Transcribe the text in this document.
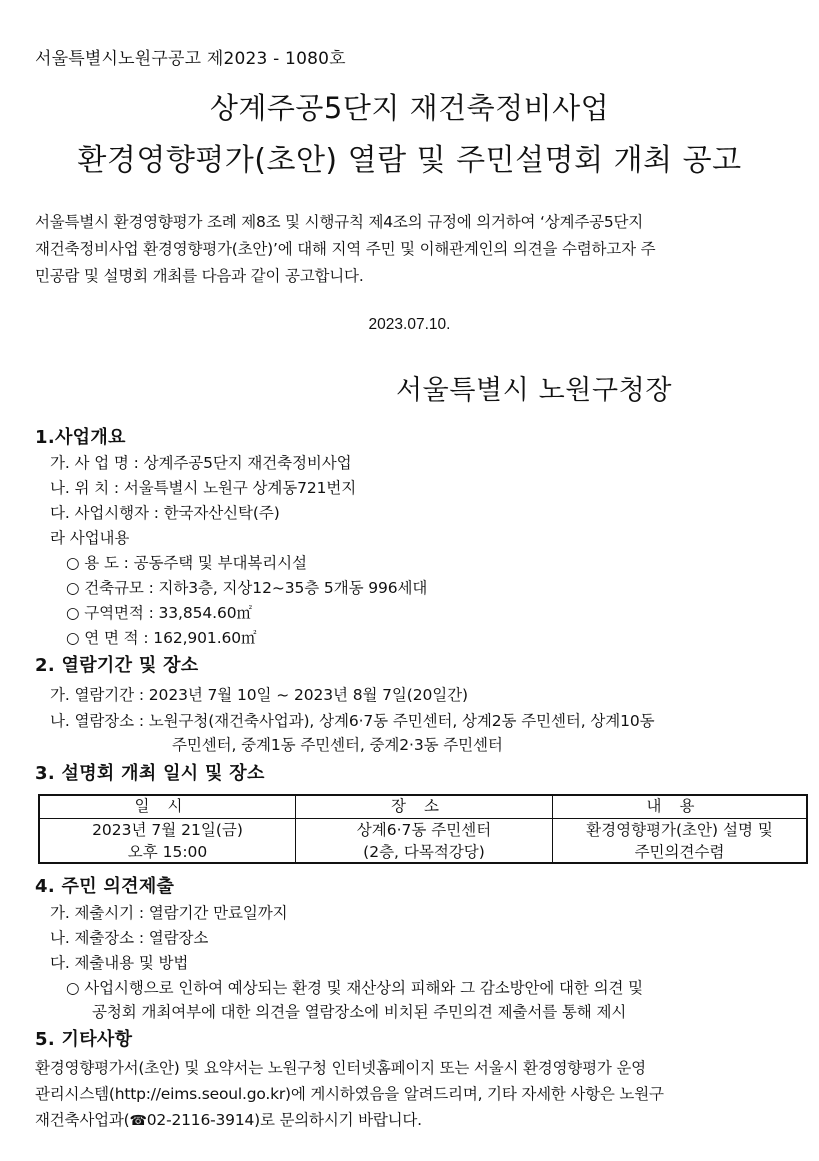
서울특별시노원구공고 제2023 - 1080호
상계주공5단지 재건축정비사업
환경영향평가(초안) 열람 및 주민설명회 개최 공고

서울특별시 환경영향평가 조례 제8조 및 시행규칙 제4조의 규정에 의거하여 ‘상계주공5단지

재건축정비사업 환경영향평가(초안)’에 대해 지역 주민 및 이해관계인의 의견을 수렴하고자 주

민공람 및 설명회 개최를 다음과 같이 공고합니다.

2023.07.10.
서울특별시 노원구청장
1.사업개요
가. 사 업 명 : 상계주공5단지 재건축정비사업
나. 위 치 : 서울특별시 노원구 상계동721번지
다. 사업시행자 : 한국자산신탁(주)
라 사업내용
○ 용 도 : 공동주택 및 부대복리시설
○ 건축규모 : 지하3층, 지상12~35층 5개동 996세대
○ 구역면적 : 33,854.60㎡
○ 연 면 적 : 162,901.60㎡
2. 열람기간 및 장소
가. 열람기간 : 2023년 7월 10일 ~ 2023년 8월 7일(20일간)
나. 열람장소 : 노원구청(재건축사업과), 상계6·7동 주민센터, 상계2동 주민센터, 상계10동
주민센터, 중계1동 주민센터, 중계2·3동 주민센터
3. 설명회 개최 일시 및 장소
일시	장소	내용
2023년 7월 21일(금)
오후 15:00
상계6·7동 주민센터
(2층, 다목적강당)
환경영향평가(초안) 설명 및
주민의견수렴
4. 주민 의견제출
가. 제출시기 : 열람기간 만료일까지
나. 제출장소 : 열람장소
다. 제출내용 및 방법
○ 사업시행으로 인하여 예상되는 환경 및 재산상의 피해와 그 감소방안에 대한 의견 및
공청회 개최여부에 대한 의견을 열람장소에 비치된 주민의견 제출서를 통해 제시
5. 기타사항

환경영향평가서(초안) 및 요약서는 노원구청 인터넷홈페이지 또는 서울시 환경영향평가 운영

관리시스템(http://eims.seoul.go.kr)에 게시하였음을 알려드리며, 기타 자세한 사항은 노원구

재건축사업과(☎02-2116-3914)로 문의하시기 바랍니다.
